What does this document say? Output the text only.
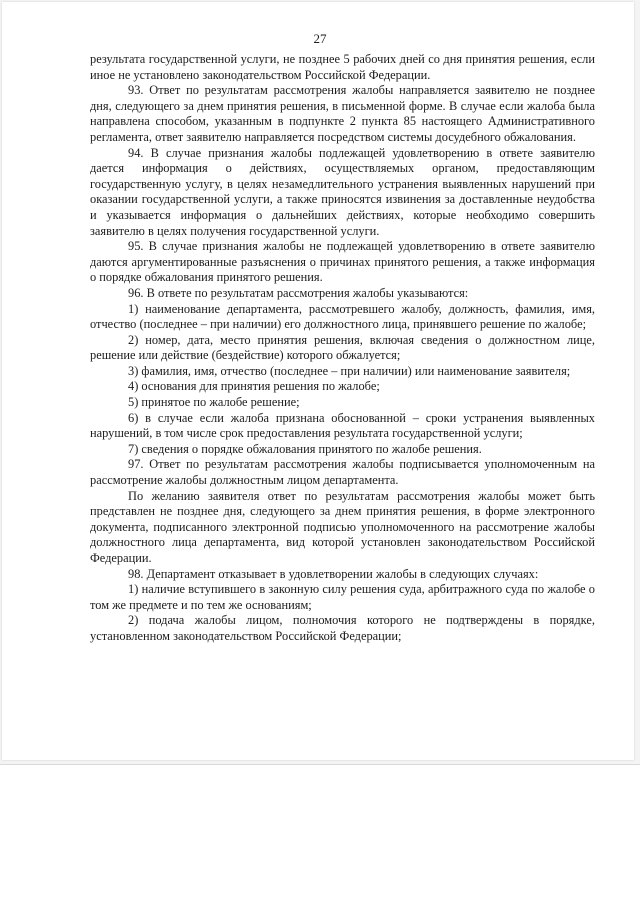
27

результата государственной услуги, не позднее 5 рабочих дней со дня принятия решения, если иное не установлено законодательством Российской Федерации.

93. Ответ по результатам рассмотрения жалобы направляется заявителю не позднее дня, следующего за днем принятия решения, в письменной форме. В случае если жалоба была направлена способом, указанным в подпункте 2 пункта 85 настоящего Административного регламента, ответ заявителю направляется посредством системы досудебного обжалования.

94. В случае признания жалобы подлежащей удовлетворению в ответе заявителю дается информация о действиях, осуществляемых органом, предоставляющим государственную услугу, в целях незамедлительного устранения выявленных нарушений при оказании государственной услуги, а также приносятся извинения за доставленные неудобства и указывается информация о дальнейших действиях, которые необходимо совершить заявителю в целях получения государственной услуги.

95. В случае признания жалобы не подлежащей удовлетворению в ответе заявителю даются аргументированные разъяснения о причинах принятого решения, а также информация о порядке обжалования принятого решения.

96. В ответе по результатам рассмотрения жалобы указываются:

1) наименование департамента, рассмотревшего жалобу, должность, фамилия, имя, отчество (последнее – при наличии) его должностного лица, принявшего решение по жалобе;

2) номер, дата, место принятия решения, включая сведения о должностном лице, решение или действие (бездействие) которого обжалуется;

3) фамилия, имя, отчество (последнее – при наличии) или наименование заявителя;

4) основания для принятия решения по жалобе;

5) принятое по жалобе решение;

6) в случае если жалоба признана обоснованной – сроки устранения выявленных нарушений, в том числе срок предоставления результата государственной услуги;

7) сведения о порядке обжалования принятого по жалобе решения.

97. Ответ по результатам рассмотрения жалобы подписывается уполномоченным на рассмотрение жалобы должностным лицом департамента.

По желанию заявителя ответ по результатам рассмотрения жалобы может быть представлен не позднее дня, следующего за днем принятия решения, в форме электронного документа, подписанного электронной подписью уполномоченного на рассмотрение жалобы должностного лица департамента, вид которой установлен законодательством Российской Федерации.

98. Департамент отказывает в удовлетворении жалобы в следующих случаях:

1) наличие вступившего в законную силу решения суда, арбитражного суда по жалобе о том же предмете и по тем же основаниям;

2) подача жалобы лицом, полномочия которого не подтверждены в порядке, установленном законодательством Российской Федерации;
